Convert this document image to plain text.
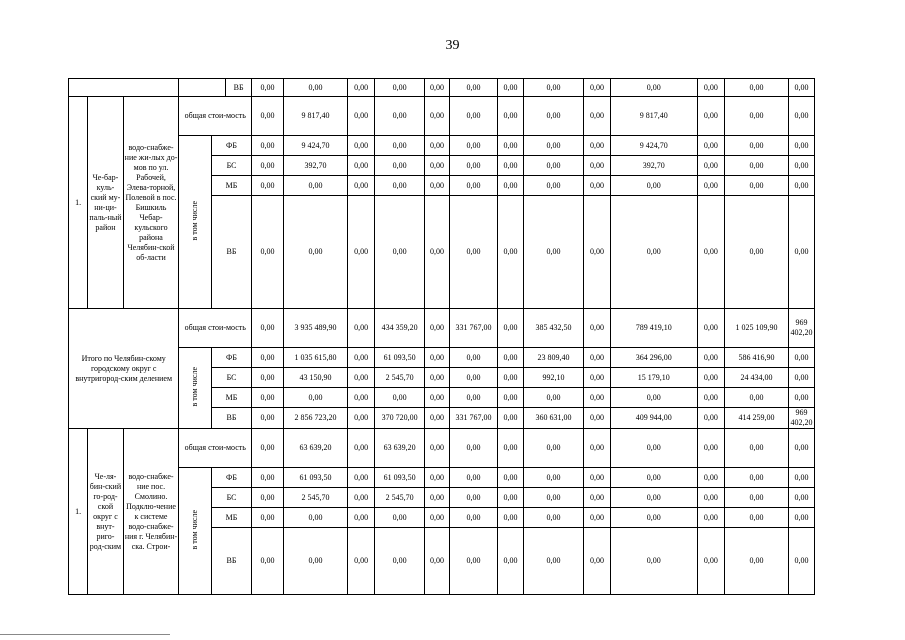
39
					ВБ	0,00	0,00	0,00	0,00	0,00	0,00	0,00	0,00	0,00	0,00	0,00	0,00	0,00
1.	Че-бар-куль-ский му-ни-ци-паль-ный район	водо-снабже-ние жи-лых до-мов по ул. Рабочей, Элева-торной, Полевой в пос. Бишкиль Чебар-кульского района Челябин-ской об-ласти	общая стои-мость			0,00	9 817,40	0,00	0,00	0,00	0,00	0,00	0,00	0,00	9 817,40	0,00	0,00	0,00
			в том числе	ФБ		0,00	9 424,70	0,00	0,00	0,00	0,00	0,00	0,00	0,00	9 424,70	0,00	0,00	0,00
				БС		0,00	392,70	0,00	0,00	0,00	0,00	0,00	0,00	0,00	392,70	0,00	0,00	0,00
				МБ		0,00	0,00	0,00	0,00	0,00	0,00	0,00	0,00	0,00	0,00	0,00	0,00	0,00
				ВБ		0,00	0,00	0,00	0,00	0,00	0,00	0,00	0,00	0,00	0,00	0,00	0,00	0,00
Итого по Челябин-скому городскому округ с внутригород-ским делением			общая стои-мость			0,00	3 935 489,90	0,00	434 359,20	0,00	331 767,00	0,00	385 432,50	0,00	789 419,10	0,00	1 025 109,90	969 402,20
			в том числе	ФБ		0,00	1 035 615,80	0,00	61 093,50	0,00	0,00	0,00	23 809,40	0,00	364 296,00	0,00	586 416,90	0,00
				БС		0,00	43 150,90	0,00	2 545,70	0,00	0,00	0,00	992,10	0,00	15 179,10	0,00	24 434,00	0,00
				МБ		0,00	0,00	0,00	0,00	0,00	0,00	0,00	0,00	0,00	0,00	0,00	0,00	0,00
				ВБ		0,00	2 856 723,20	0,00	370 720,00	0,00	331 767,00	0,00	360 631,00	0,00	409 944,00	0,00	414 259,00	969 402,20
1.	Че-ля-бин-ский го-род-ской округ с внут-риго-род-ским	водо-снабже-ние пос. Смолино. Подклю-чение к системе водо-снабже-ния г. Челябин-ска. Строи-	общая стои-мость			0,00	63 639,20	0,00	63 639,20	0,00	0,00	0,00	0,00	0,00	0,00	0,00	0,00	0,00
			в том числе	ФБ		0,00	61 093,50	0,00	61 093,50	0,00	0,00	0,00	0,00	0,00	0,00	0,00	0,00	0,00
				БС		0,00	2 545,70	0,00	2 545,70	0,00	0,00	0,00	0,00	0,00	0,00	0,00	0,00	0,00
				МБ		0,00	0,00	0,00	0,00	0,00	0,00	0,00	0,00	0,00	0,00	0,00	0,00	0,00
				ВБ		0,00	0,00	0,00	0,00	0,00	0,00	0,00	0,00	0,00	0,00	0,00	0,00	0,00
